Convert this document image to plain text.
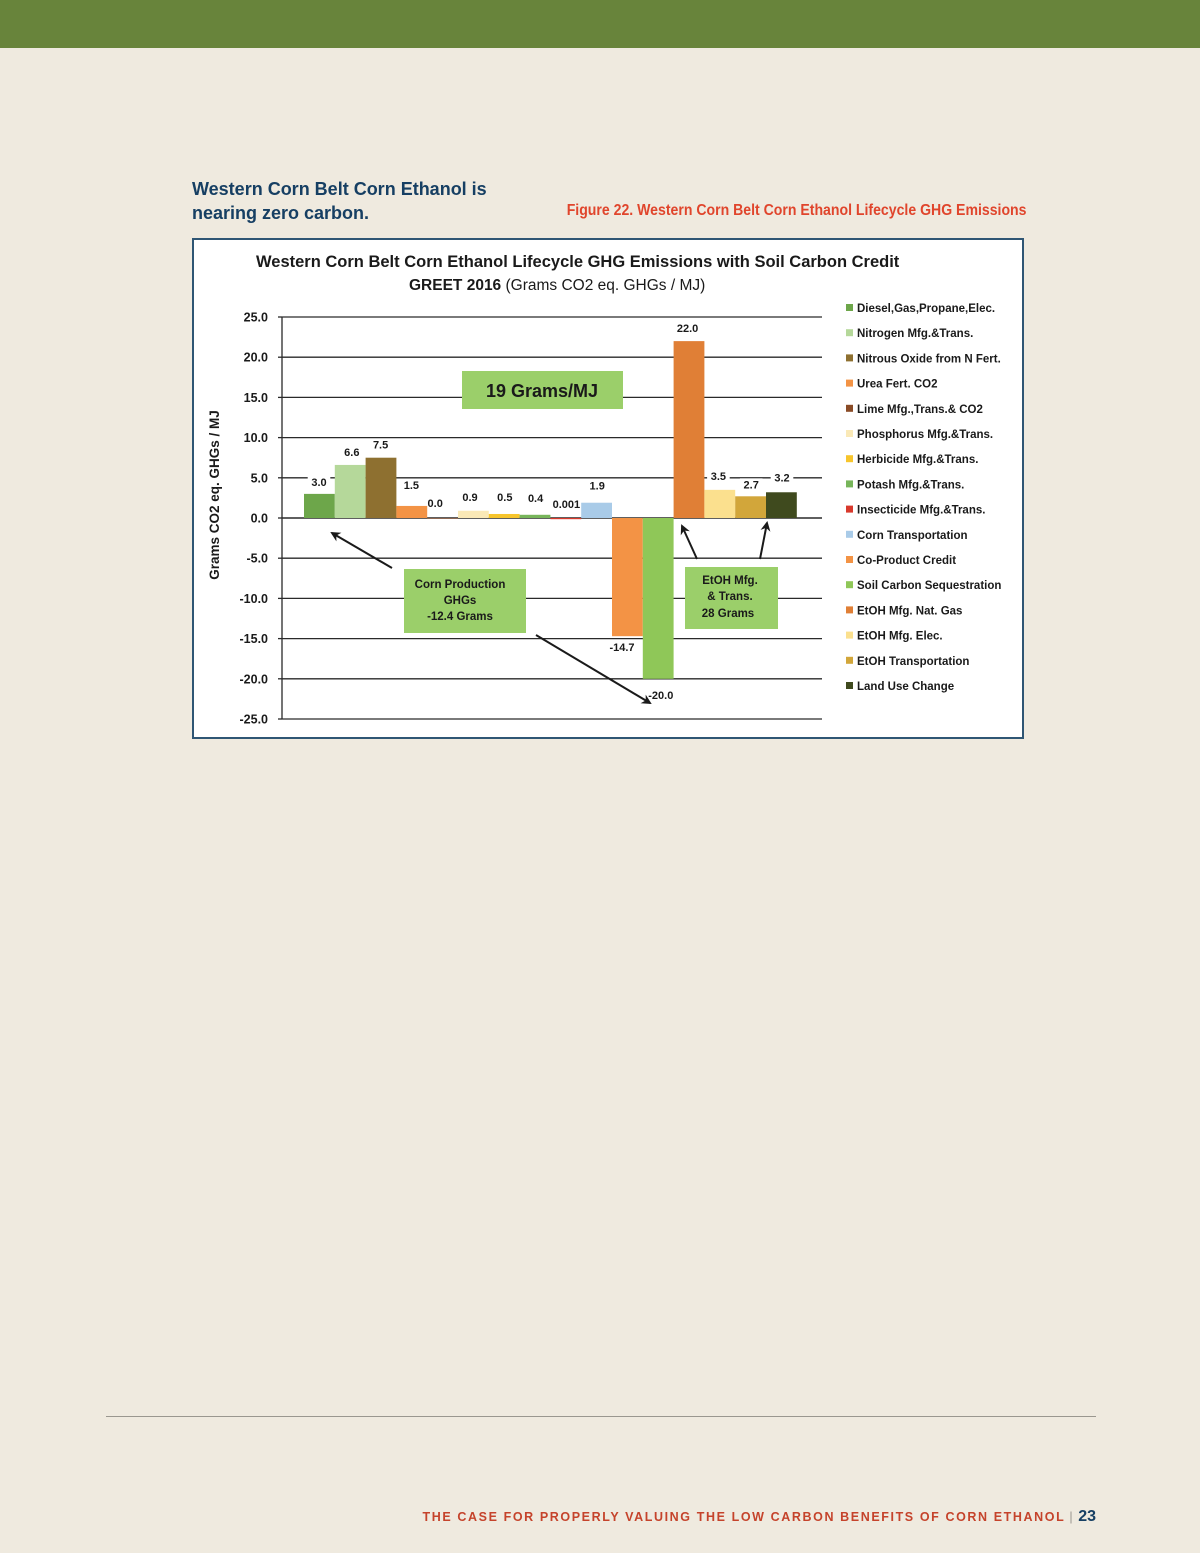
Western Corn Belt Corn Ethanol is nearing zero carbon.	Figure 22. Western Corn Belt Corn Ethanol Lifecycle GHG Emissions
Western Corn Belt Corn Ethanol Lifecycle GHG Emissions with Soil Carbon Credit
GREET 2016 (Grams CO2 eq. GHGs / MJ)
Grams CO2 eq. GHGs / MJ
25.0
20.0
15.0
10.0
5.0
0.0
-5.0
-10.0
-15.0
-20.0
-25.0
3.0
6.6
7.5
1.5
0.0
0.9 0.5 0.4
0.001
1.9
-14.7
-20.0
22.0
3.5
2.7
3.2
19 Grams/MJ
Corn Production
GHGs
-12.4 Grams
EtOH Mfg.
& Trans.
28 Grams
Diesel,Gas,Propane,Elec.
Nitrogen Mfg.&Trans.
Nitrous Oxide from N Fert.
Urea Fert. CO2
Lime Mfg.,Trans.& CO2
Phosphorus Mfg.&Trans.
Herbicide Mfg.&Trans.
Potash Mfg.&Trans.
Insecticide Mfg.&Trans.
Corn Transportation
Co-Product Credit
Soil Carbon Sequestration
EtOH Mfg. Nat. Gas
EtOH Mfg. Elec.
EtOH Transportation
Land Use Change
THE CASE FOR PROPERLY VALUING THE LOW CARBON BENEFITS OF CORN ETHANOL | 23
